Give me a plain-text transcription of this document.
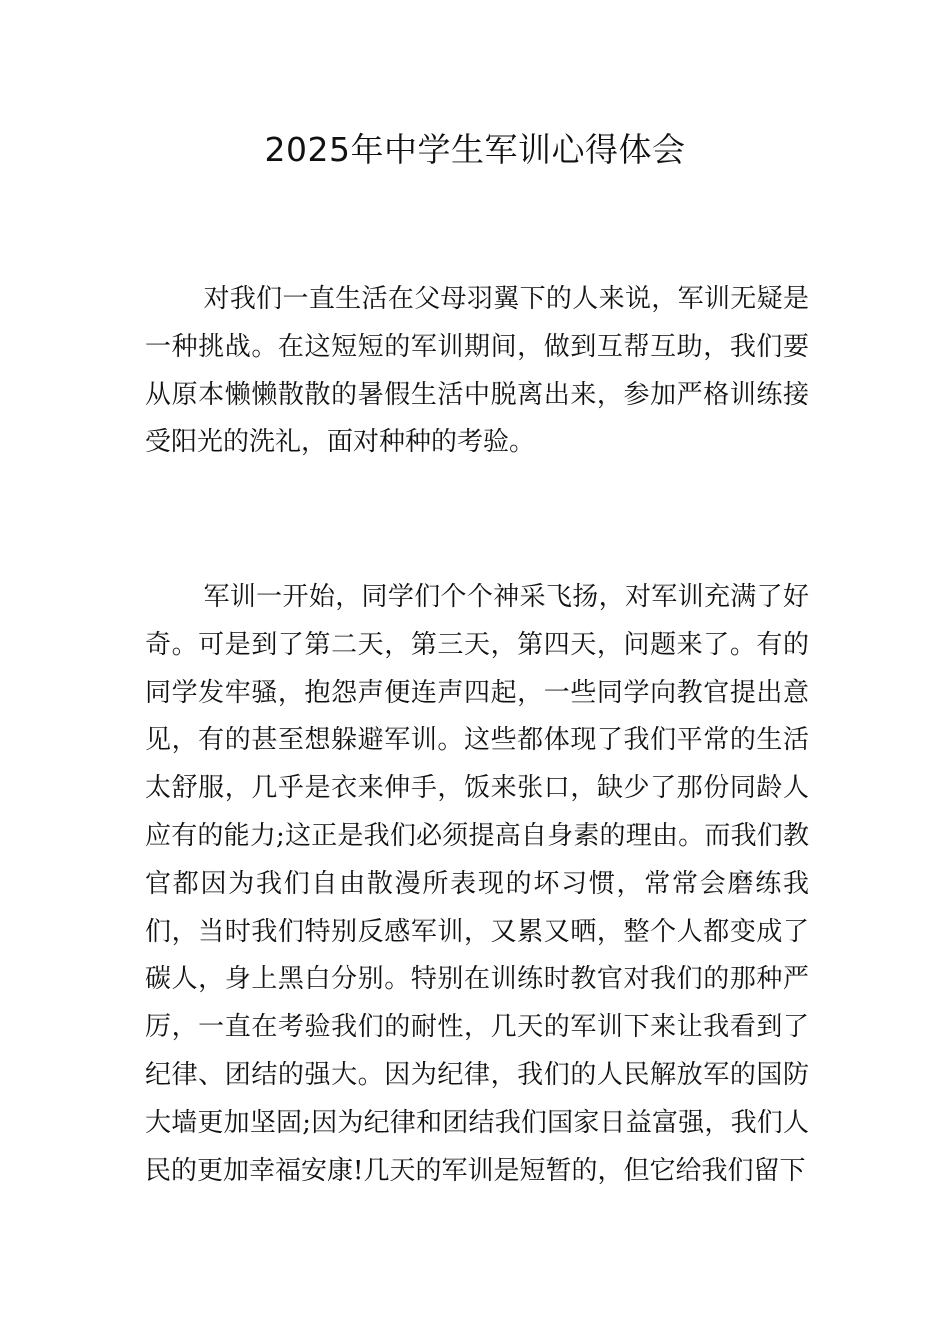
2025年中学生军训心得体会

对我们一直生活在父母羽翼下的人来说，军训无疑是一种挑战。在这短短的军训期间，做到互帮互助，我们要从原本懒懒散散的暑假生活中脱离出来，参加严格训练接受阳光的洗礼，面对种种的考验。

军训一开始，同学们个个神采飞扬，对军训充满了好奇。可是到了第二天，第三天，第四天，问题来了。有的同学发牢骚，抱怨声便连声四起，一些同学向教官提出意见，有的甚至想躲避军训。这些都体现了我们平常的生活太舒服，几乎是衣来伸手，饭来张口，缺少了那份同龄人应有的能力;这正是我们必须提高自身素的理由。而我们教官都因为我们自由散漫所表现的坏习惯，常常会磨练我们，当时我们特别反感军训，又累又晒，整个人都变成了碳人，身上黑白分别。特别在训练时教官对我们的那种严厉，一直在考验我们的耐性，几天的军训下来让我看到了纪律、团结的强大。因为纪律，我们的人民解放军的国防大墙更加坚固;因为纪律和团结我们国家日益富强，我们人民的更加幸福安康!几天的军训是短暂的，但它给我们留下
